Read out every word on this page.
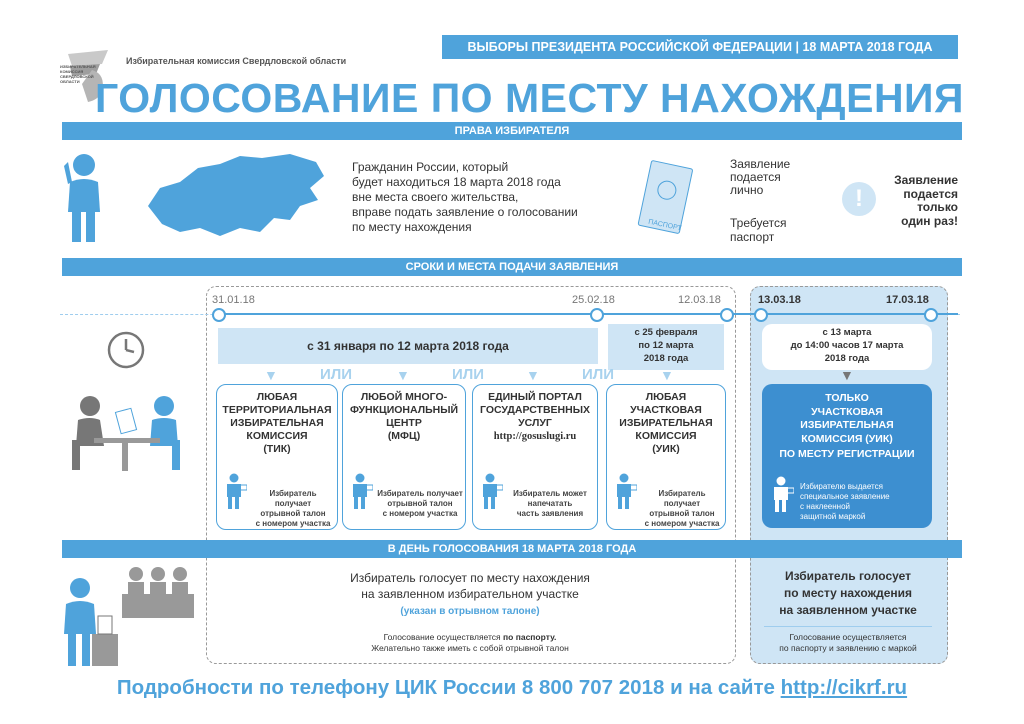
ИЗБИРАТЕЛЬНАЯ КОМИССИЯ СВЕРДЛОВСКОЙ ОБЛАСТИ
Избирательная комиссия Свердловской области
ВЫБОРЫ ПРЕЗИДЕНТА РОССИЙСКОЙ ФЕДЕРАЦИИ | 18 МАРТА 2018 ГОДА
ГОЛОСОВАНИЕ ПО МЕСТУ НАХОЖДЕНИЯ
ПРАВА ИЗБИРАТЕЛЯ
Гражданин России, который
будет находиться 18 марта 2018 года
вне места своего жительства,
вправе подать заявление о голосовании
по месту нахождения	ПАСПОРТ
Заявление
подается
лично
Требуется
паспорт
!
Заявление
подается
только
один раз!
СРОКИ И МЕСТА ПОДАЧИ ЗАЯВЛЕНИЯ
31.01.18	25.02.18	12.03.18	13.03.18	17.03.18
с 31 января по 12 марта 2018 года
с 25 февраля
по 12 марта
2018 года
с 13 марта
до 14:00 часов 17 марта
2018 года
▼	▼	▼	▼	▼
ИЛИ	ИЛИ	ИЛИ
ЛЮБАЯ
ТЕРРИТОРИАЛЬНАЯ
ИЗБИРАТЕЛЬНАЯ
КОМИССИЯ
(ТИК)
Избиратель получает
отрывной талон
с номером участка
ЛЮБОЙ МНОГО-
ФУНКЦИОНАЛЬНЫЙ
ЦЕНТР
(МФЦ)
Избиратель получает
отрывной талон
с номером участка
ЕДИНЫЙ ПОРТАЛ
ГОСУДАРСТВЕННЫХ
УСЛУГ
http://gosuslugi.ru
Избиратель может
напечатать
часть заявления
ЛЮБАЯ
УЧАСТКОВАЯ
ИЗБИРАТЕЛЬНАЯ
КОМИССИЯ
(УИК)
Избиратель получает
отрывной талон
с номером участка
ТОЛЬКО
УЧАСТКОВАЯ
ИЗБИРАТЕЛЬНАЯ
КОМИССИЯ (УИК)
ПО МЕСТУ РЕГИСТРАЦИИ
Избирателю выдается
специальное заявление
с наклеенной
защитной маркой
В ДЕНЬ ГОЛОСОВАНИЯ 18 МАРТА 2018 ГОДА
Избиратель голосует по месту нахождения
на заявленном избирательном участке
(указан в отрывном талоне)
Голосование осуществляется по паспорту.
Желательно также иметь с собой отрывной талон
Избиратель голосует
по месту нахождения
на заявленном участке
Голосование осуществляется
по паспорту и заявлению с маркой
Подробности по телефону ЦИК России 8 800 707 2018 и на сайте http://cikrf.ru
